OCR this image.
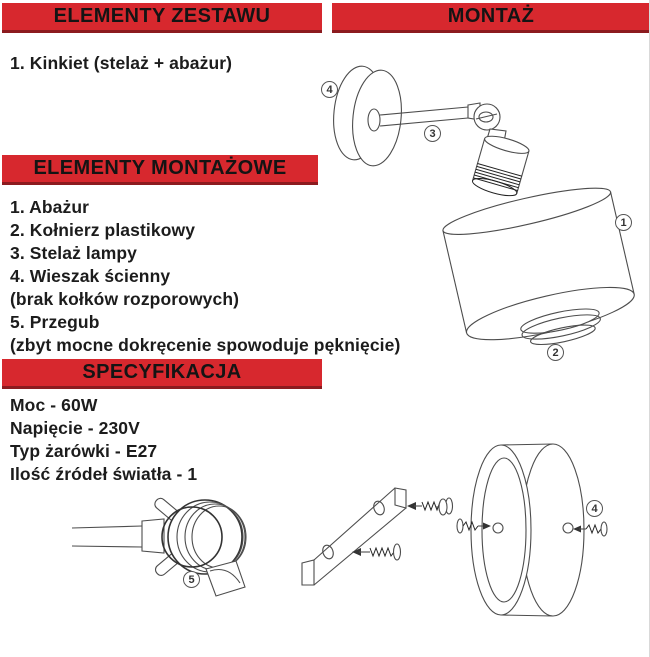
ELEMENTY ZESTAWU	MONTAŻ
ELEMENTY MONTAŻOWE
SPECYFIKACJA
1. Kinkiet (stelaż + abażur)
1. Abażur
2. Kołnierz plastikowy
3. Stelaż lampy
4. Wieszak ścienny
(brak kołków rozporowych)
5. Przegub
(zbyt mocne dokręcenie spowoduje pęknięcie)
Moc - 60W
Napięcie - 230V
Typ żarówki - E27
Ilość źródeł światła - 1
4
3
1
2
5
4
